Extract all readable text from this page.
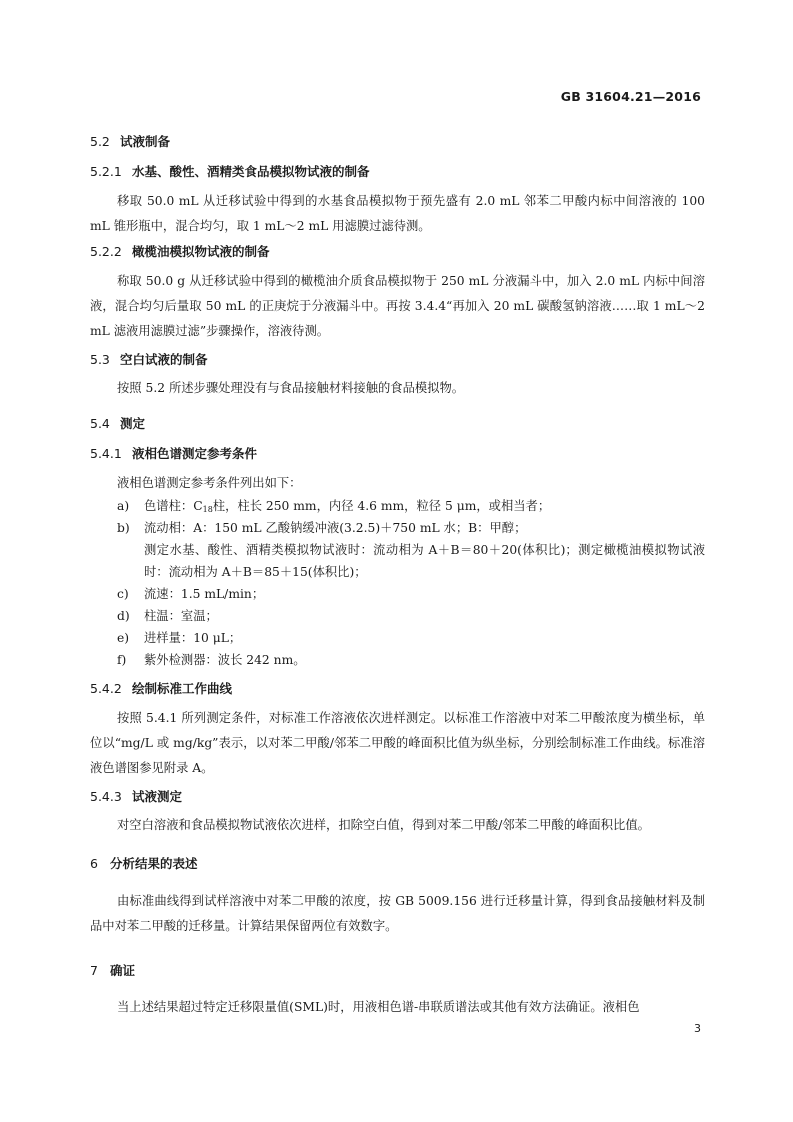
GB 31604.21—2016
5.2 试液制备
5.2.1 水基、酸性、酒精类食品模拟物试液的制备

移取 50.0 mL 从迁移试验中得到的水基食品模拟物于预先盛有 2.0 mL 邻苯二甲酸内标中间溶液的 100 mL 锥形瓶中，混合均匀，取 1 mL～2 mL 用滤膜过滤待测。

5.2.2 橄榄油模拟物试液的制备

称取 50.0 g 从迁移试验中得到的橄榄油介质食品模拟物于 250 mL 分液漏斗中，加入 2.0 mL 内标中间溶液，混合均匀后量取 50 mL 的正庚烷于分液漏斗中。再按 3.4.4“再加入 20 mL 碳酸氢钠溶液……取 1 mL～2 mL 滤液用滤膜过滤”步骤操作，溶液待测。

5.3 空白试液的制备

按照 5.2 所述步骤处理没有与食品接触材料接触的食品模拟物。

5.4 测定
5.4.1 液相色谱测定参考条件

液相色谱测定参考条件列出如下：

a)	色谱柱：$C_{18}$柱，柱长 250 mm，内径 4.6 mm，粒径 5 μm，或相当者；
b)	流动相：A：150 mL 乙酸钠缓冲液(3.2.5)＋750 mL 水；B：甲醇；
测定水基、酸性、酒精类模拟物试液时：流动相为 A＋B＝80＋20(体积比)；测定橄榄油模拟物试液时：流动相为 A＋B＝85＋15(体积比)；
c)	流速：1.5 mL/min；
d)	柱温：室温；
e)	进样量：10 μL；
f)	紫外检测器：波长 242 nm。
5.4.2 绘制标准工作曲线

按照 5.4.1 所列测定条件，对标准工作溶液依次进样测定。以标准工作溶液中对苯二甲酸浓度为横坐标，单位以“mg/L 或 mg/kg”表示，以对苯二甲酸/邻苯二甲酸的峰面积比值为纵坐标，分别绘制标准工作曲线。标准溶液色谱图参见附录 A。

5.4.3 试液测定

对空白溶液和食品模拟物试液依次进样，扣除空白值，得到对苯二甲酸/邻苯二甲酸的峰面积比值。

6 分析结果的表述

由标准曲线得到试样溶液中对苯二甲酸的浓度，按 GB 5009.156 进行迁移量计算，得到食品接触材料及制品中对苯二甲酸的迁移量。计算结果保留两位有效数字。

7 确证

当上述结果超过特定迁移限量值(SML)时，用液相色谱-串联质谱法或其他有效方法确证。液相色

3
